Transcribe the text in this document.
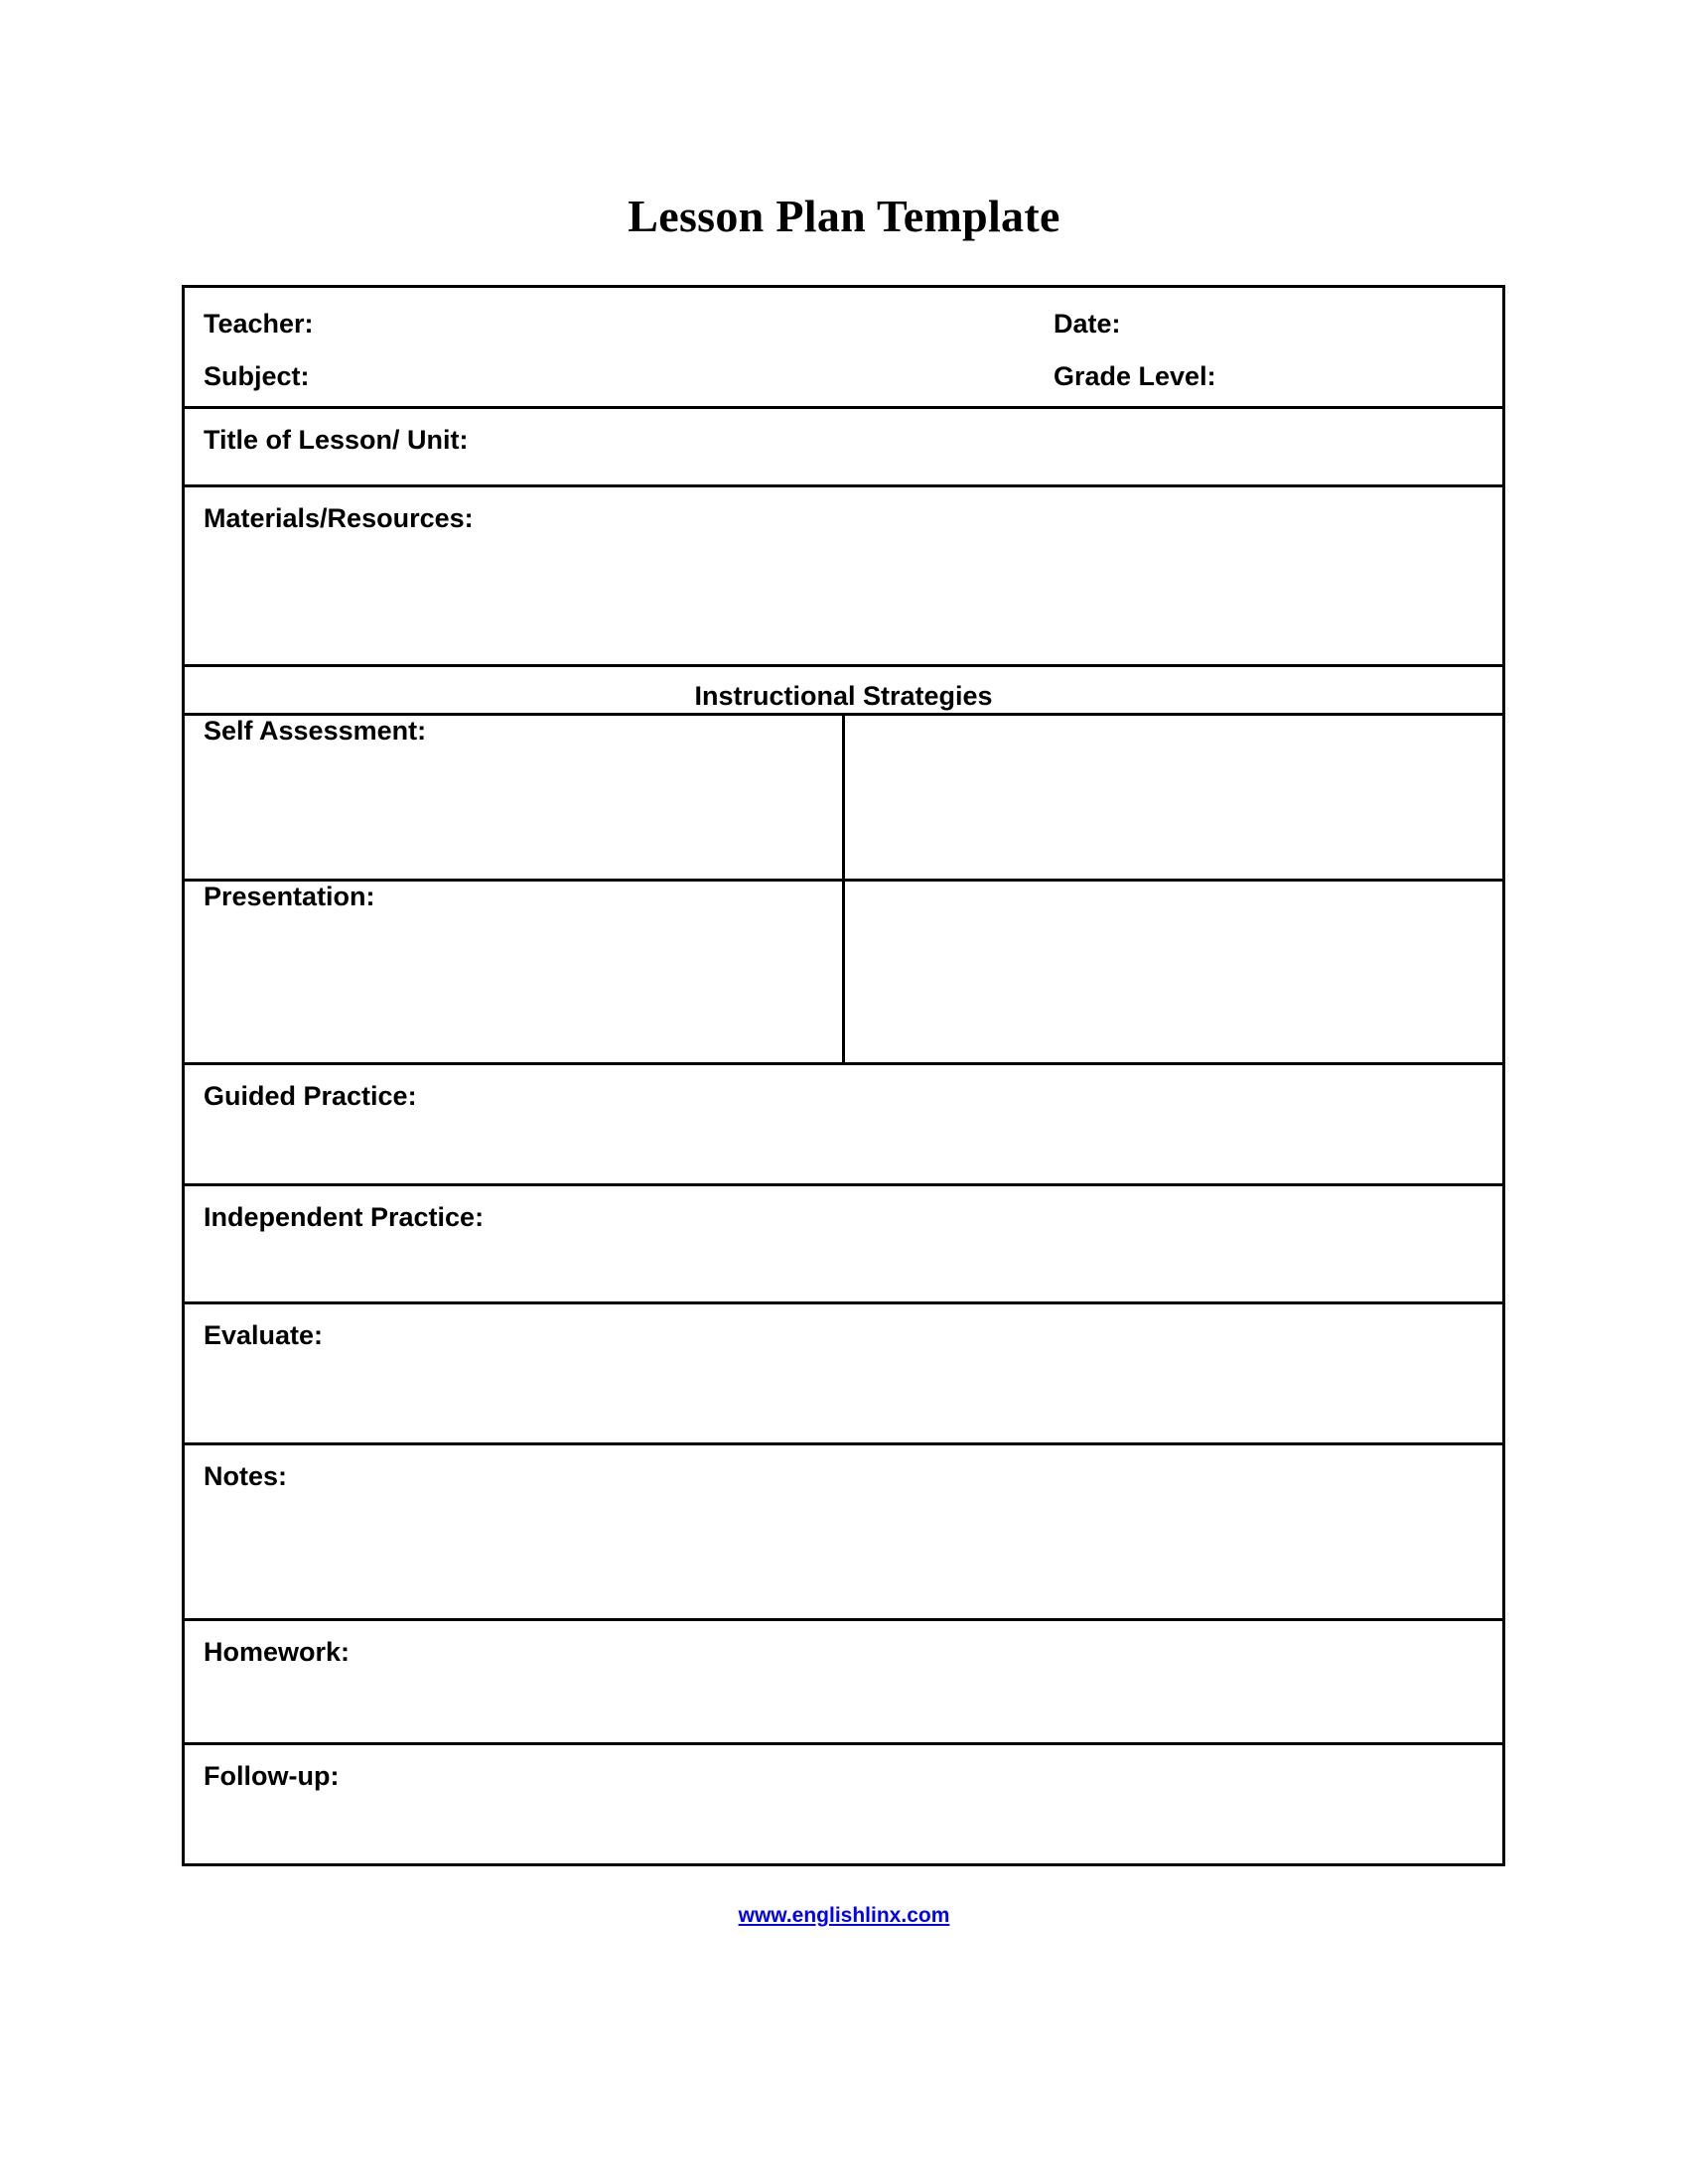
Lesson Plan Template
Teacher: Date:
Subject: Grade Level:	

Title of Lesson/ Unit:	

Materials/Resources:	

Instructional Strategies	

Self Assessment:	

Presentation:	

Guided Practice:	

Independent Practice:	

Evaluate:	

Notes:	

Homework:	

Follow-up:	
www.englishlinx.com
